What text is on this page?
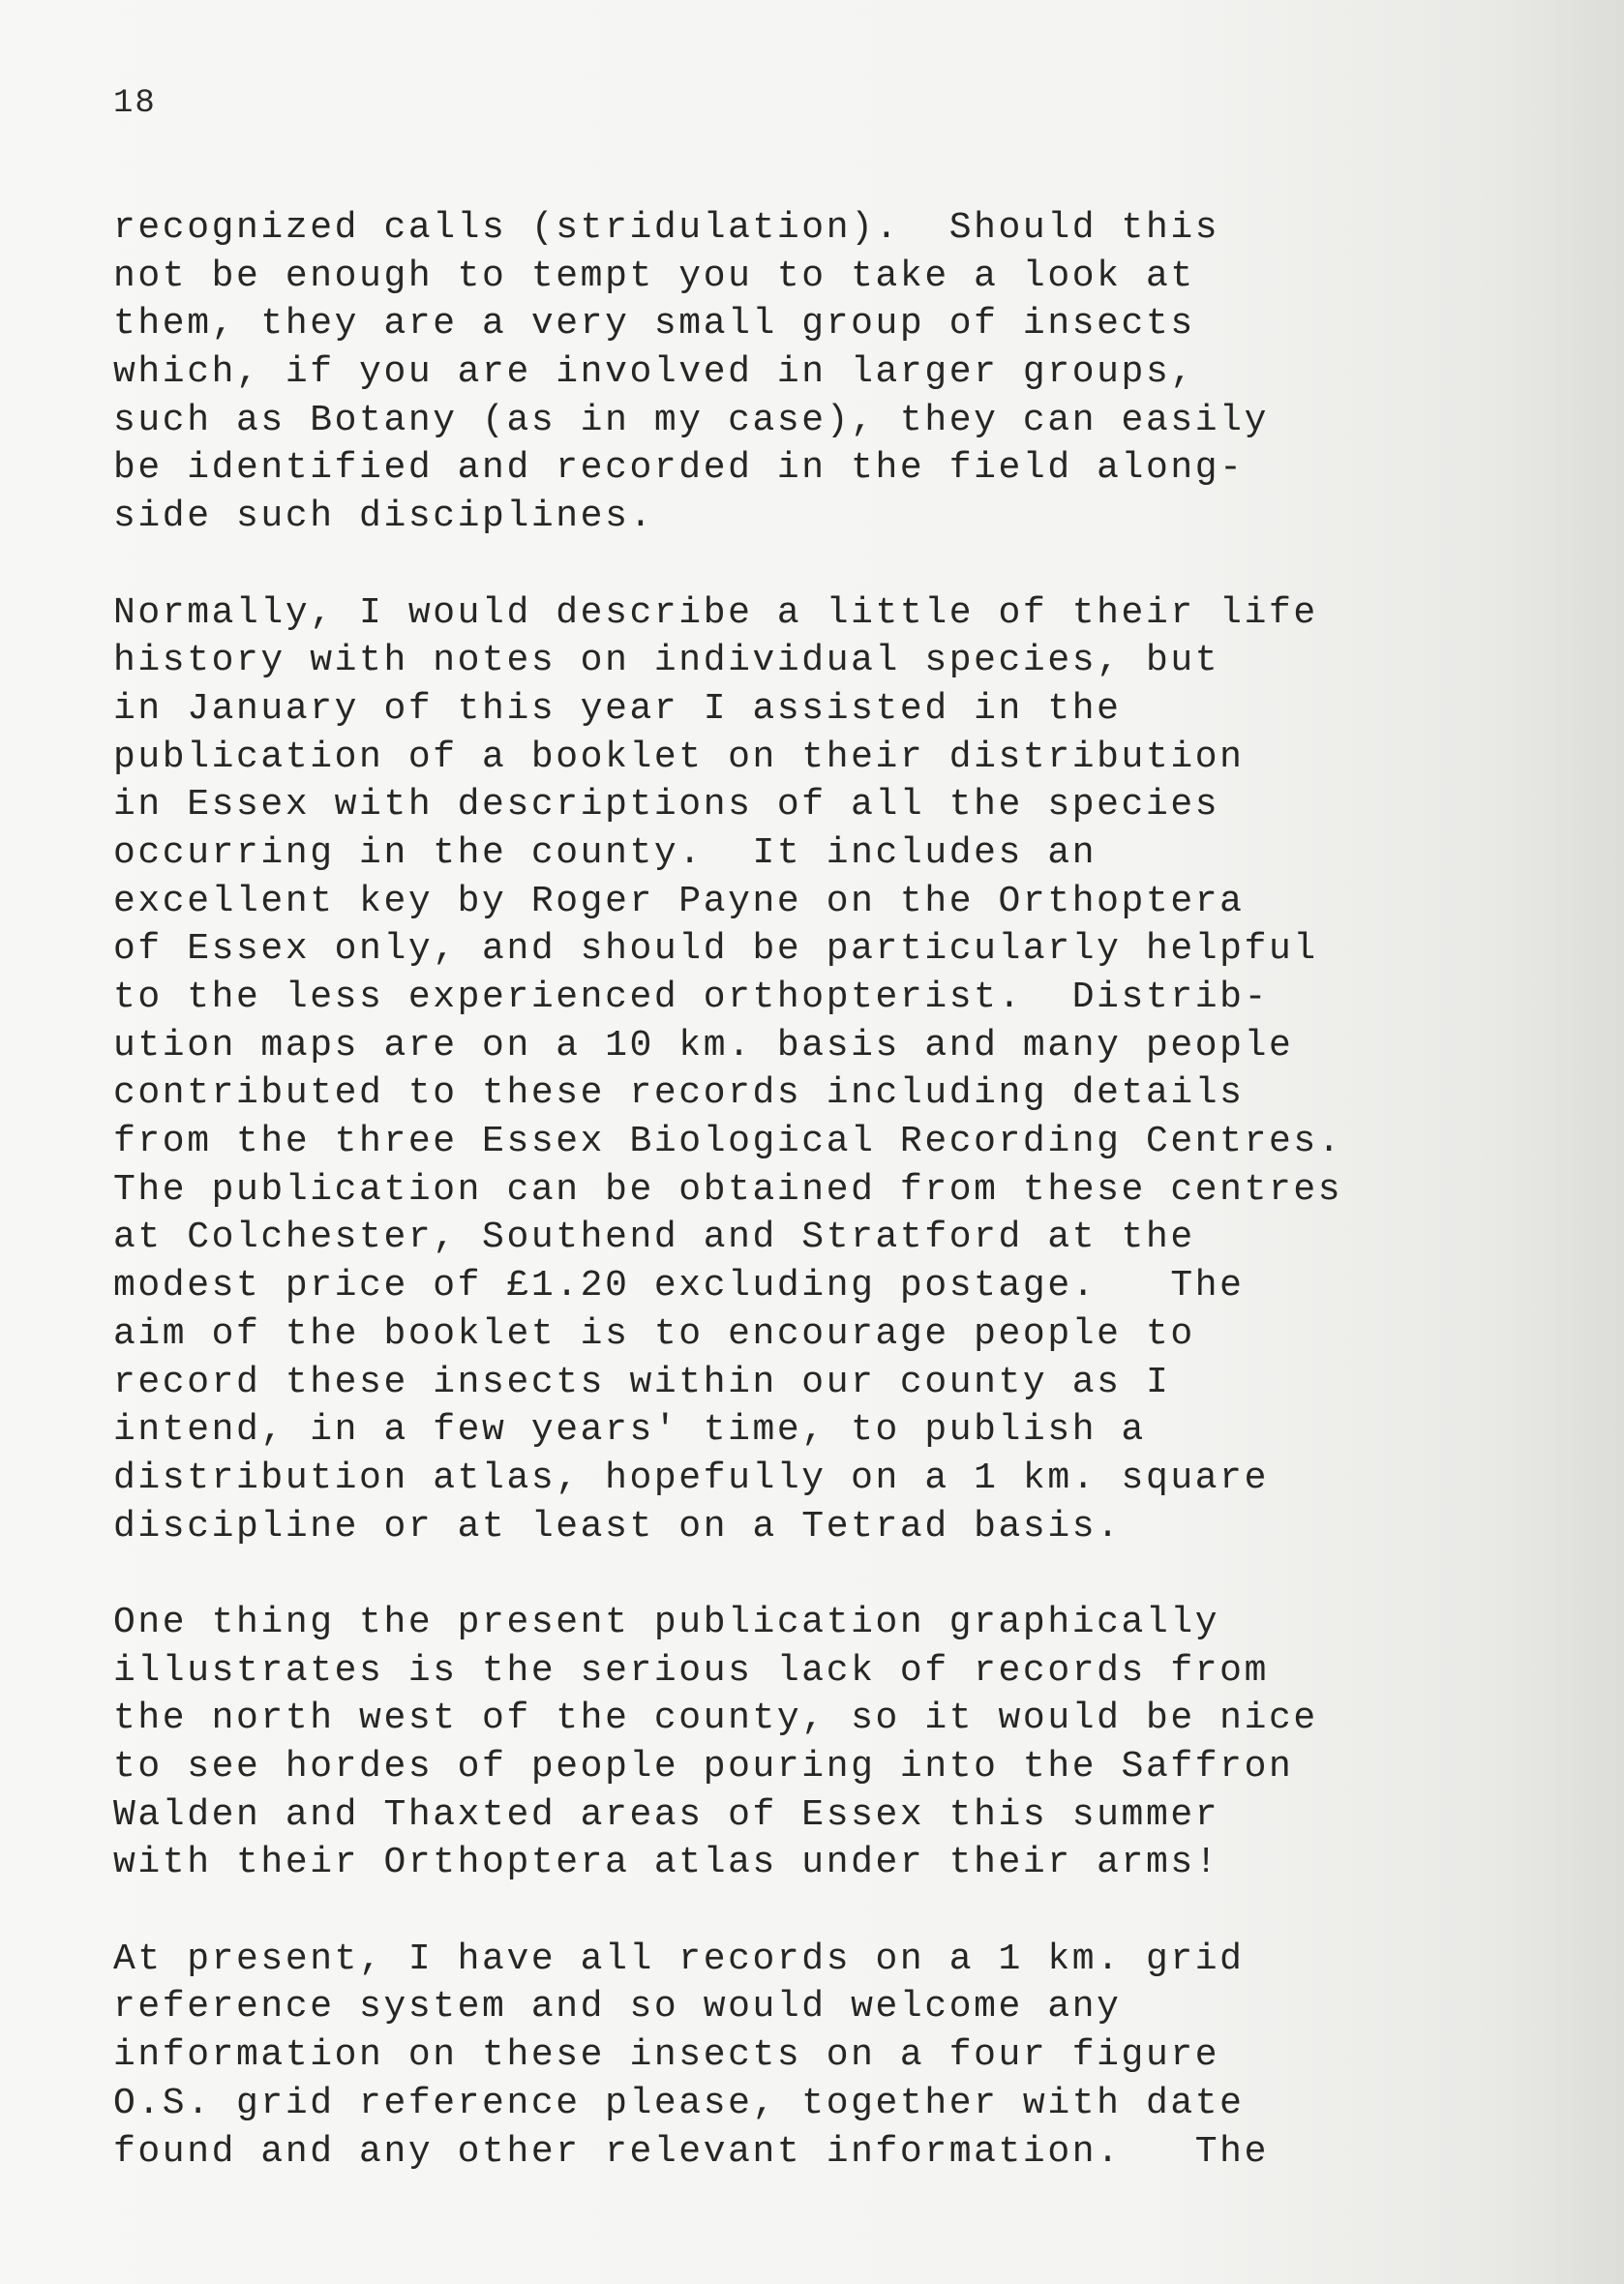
18
recognized calls (stridulation).  Should this
not be enough to tempt you to take a look at
them, they are a very small group of insects
which, if you are involved in larger groups,
such as Botany (as in my case), they can easily
be identified and recorded in the field along-
side such disciplines.
Normally, I would describe a little of their life
history with notes on individual species, but
in January of this year I assisted in the
publication of a booklet on their distribution
in Essex with descriptions of all the species
occurring in the county.  It includes an
excellent key by Roger Payne on the Orthoptera
of Essex only, and should be particularly helpful
to the less experienced orthopterist.  Distrib-
ution maps are on a 10 km. basis and many people
contributed to these records including details
from the three Essex Biological Recording Centres.
The publication can be obtained from these centres
at Colchester, Southend and Stratford at the
modest price of £1.20 excluding postage.   The
aim of the booklet is to encourage people to
record these insects within our county as I
intend, in a few years' time, to publish a
distribution atlas, hopefully on a 1 km. square
discipline or at least on a Tetrad basis.
One thing the present publication graphically
illustrates is the serious lack of records from
the north west of the county, so it would be nice
to see hordes of people pouring into the Saffron
Walden and Thaxted areas of Essex this summer
with their Orthoptera atlas under their arms!
At present, I have all records on a 1 km. grid
reference system and so would welcome any
information on these insects on a four figure
O.S. grid reference please, together with date
found and any other relevant information.   The
